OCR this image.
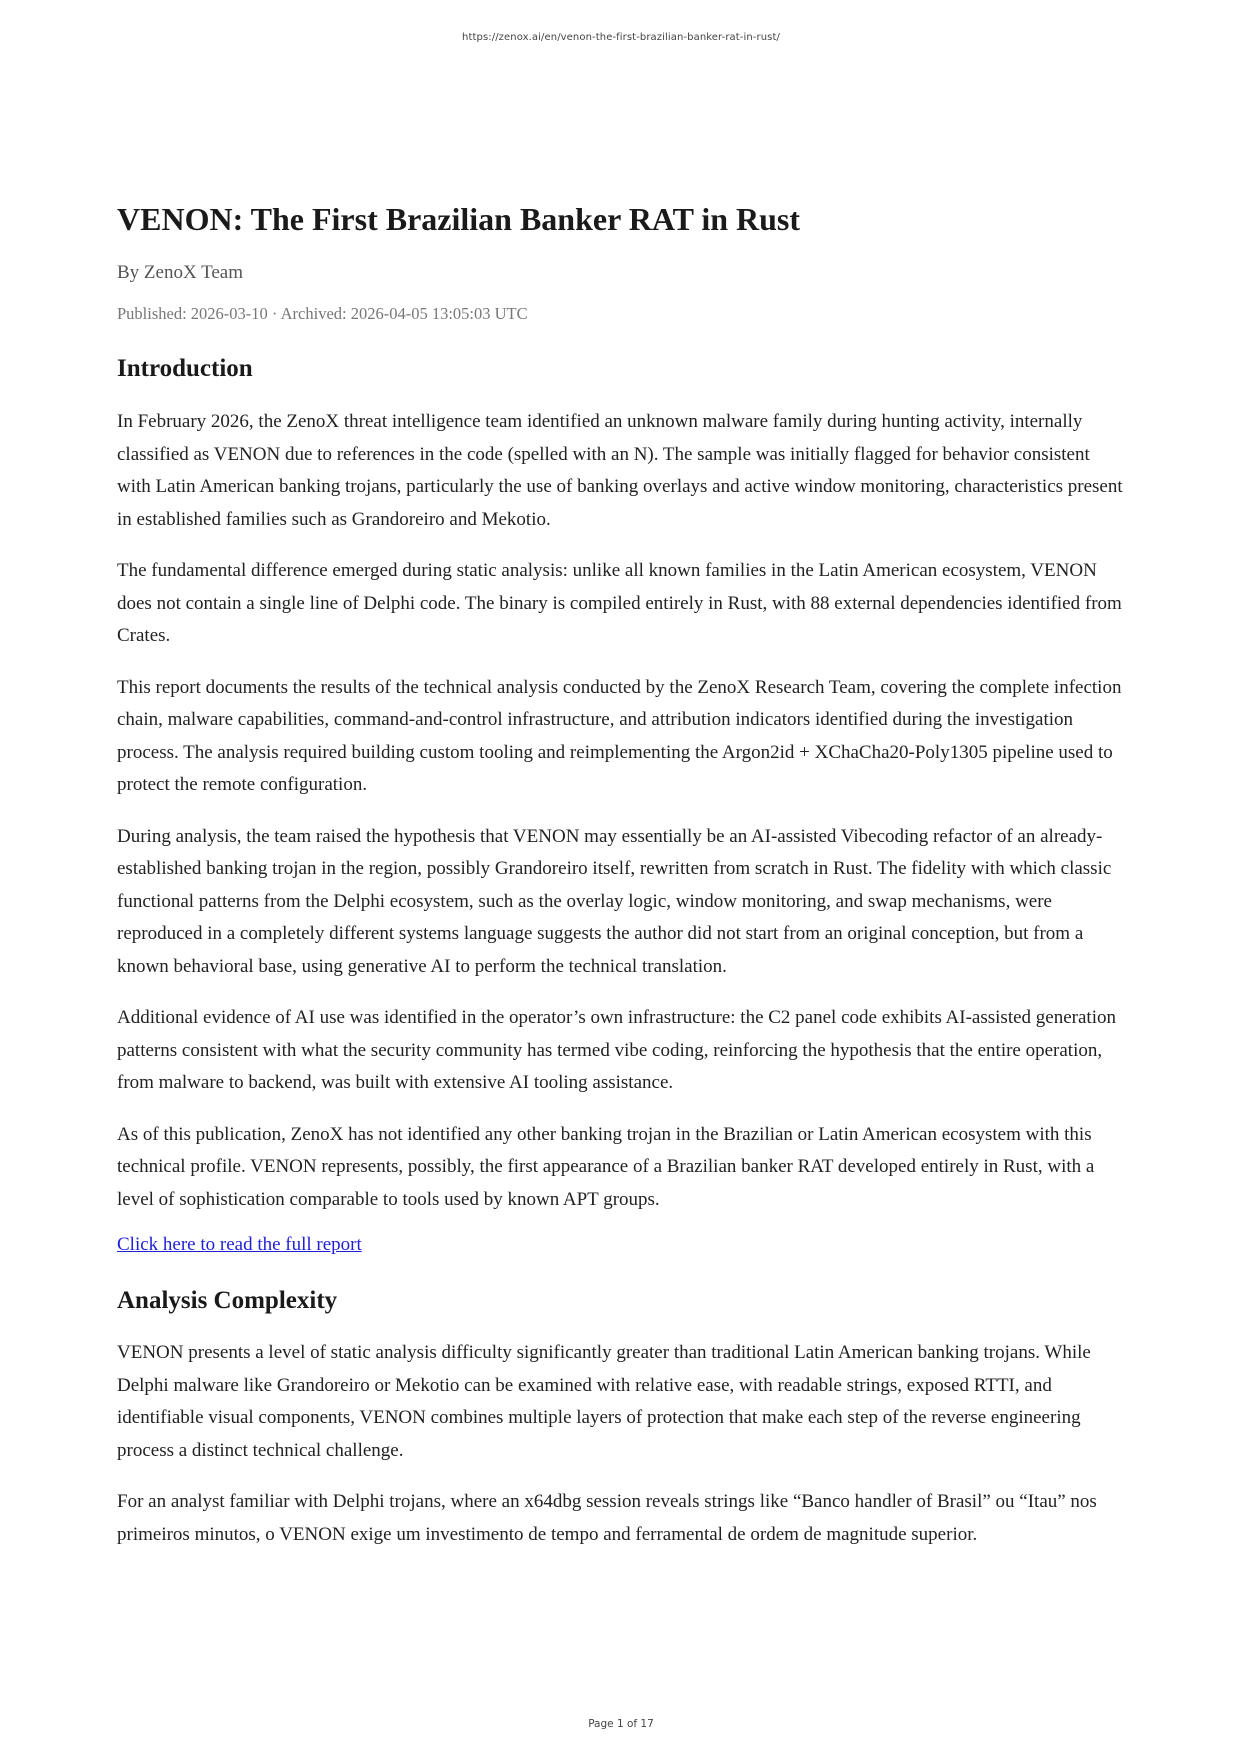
https://zenox.ai/en/venon-the-first-brazilian-banker-rat-in-rust/
VENON: The First Brazilian Banker RAT in Rust
By ZenoX Team
Published: 2026-03-10 · Archived: 2026-04-05 13:05:03 UTC
Introduction

In February 2026, the ZenoX threat intelligence team identified an unknown malware family during hunting activity, internally classified as VENON due to references in the code (spelled with an N). The sample was initially flagged for behavior consistent with Latin American banking trojans, particularly the use of banking overlays and active window monitoring, characteristics present in established families such as Grandoreiro and Mekotio.

The fundamental difference emerged during static analysis: unlike all known families in the Latin American ecosystem, VENON does not contain a single line of Delphi code. The binary is compiled entirely in Rust, with 88 external dependencies identified from Crates.

This report documents the results of the technical analysis conducted by the ZenoX Research Team, covering the complete infection chain, malware capabilities, command-and-control infrastructure, and attribution indicators identified during the investigation process. The analysis required building custom tooling and reimplementing the Argon2id + XChaCha20-Poly1305 pipeline used to protect the remote configuration.

During analysis, the team raised the hypothesis that VENON may essentially be an AI-assisted Vibecoding refactor of an already-established banking trojan in the region, possibly Grandoreiro itself, rewritten from scratch in Rust. The fidelity with which classic functional patterns from the Delphi ecosystem, such as the overlay logic, window monitoring, and swap mechanisms, were reproduced in a completely different systems language suggests the author did not start from an original conception, but from a known behavioral base, using generative AI to perform the technical translation.

Additional evidence of AI use was identified in the operator’s own infrastructure: the C2 panel code exhibits AI-assisted generation patterns consistent with what the security community has termed vibe coding, reinforcing the hypothesis that the entire operation, from malware to backend, was built with extensive AI tooling assistance.

As of this publication, ZenoX has not identified any other banking trojan in the Brazilian or Latin American ecosystem with this technical profile. VENON represents, possibly, the first appearance of a Brazilian banker RAT developed entirely in Rust, with a level of sophistication comparable to tools used by known APT groups.

Click here to read the full report
Analysis Complexity

VENON presents a level of static analysis difficulty significantly greater than traditional Latin American banking trojans. While Delphi malware like Grandoreiro or Mekotio can be examined with relative ease, with readable strings, exposed RTTI, and identifiable visual components, VENON combines multiple layers of protection that make each step of the reverse engineering process a distinct technical challenge.

For an analyst familiar with Delphi trojans, where an x64dbg session reveals strings like “Banco handler of Brasil” ou “Itau” nos primeiros minutos, o VENON exige um investimento de tempo and ferramental de ordem de magnitude superior.

Page 1 of 17
